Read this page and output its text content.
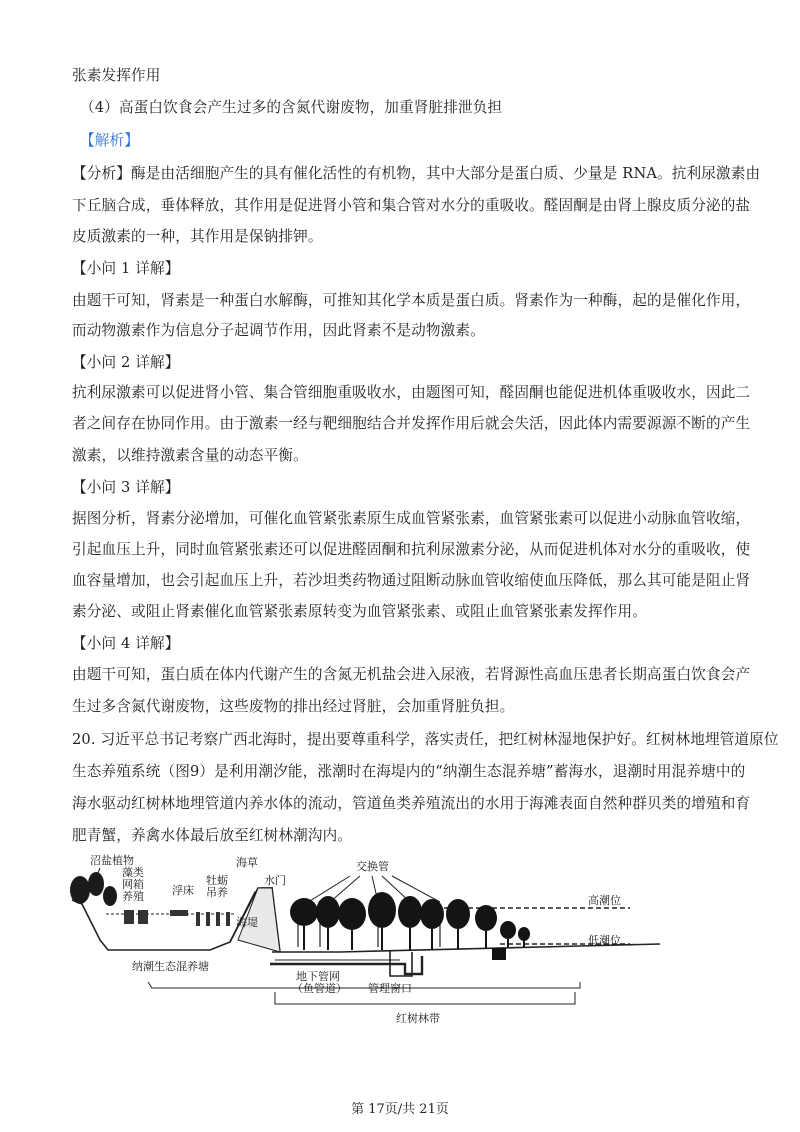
张素发挥作用
（4）高蛋白饮食会产生过多的含氮代谢废物，加重肾脏排泄负担
【解析】
【分析】酶是由活细胞产生的具有催化活性的有机物，其中大部分是蛋白质、少量是 RNA。抗利尿激素由
下丘脑合成，垂体释放，其作用是促进肾小管和集合管对水分的重吸收。醛固酮是由肾上腺皮质分泌的盐
皮质激素的一种，其作用是保钠排钾。
【小问 1 详解】
由题干可知，肾素是一种蛋白水解酶，可推知其化学本质是蛋白质。肾素作为一种酶，起的是催化作用，
而动物激素作为信息分子起调节作用，因此肾素不是动物激素。
【小问 2 详解】
抗利尿激素可以促进肾小管、集合管细胞重吸收水，由题图可知，醛固酮也能促进机体重吸收水，因此二
者之间存在协同作用。由于激素一经与靶细胞结合并发挥作用后就会失活，因此体内需要源源不断的产生
激素，以维持激素含量的动态平衡。
【小问 3 详解】
据图分析，肾素分泌增加，可催化血管紧张素原生成血管紧张素，血管紧张素可以促进小动脉血管收缩，
引起血压上升，同时血管紧张素还可以促进醛固酮和抗利尿激素分泌，从而促进机体对水分的重吸收，使
血容量增加，也会引起血压上升，若沙坦类药物通过阻断动脉血管收缩使血压降低，那么其可能是阻止肾
素分泌、或阻止肾素催化血管紧张素原转变为血管紧张素、或阻止血管紧张素发挥作用。
【小问 4 详解】
由题干可知，蛋白质在体内代谢产生的含氮无机盐会进入尿液，若肾源性高血压患者长期高蛋白饮食会产
生过多含氮代谢废物，这些废物的排出经过肾脏，会加重肾脏负担。
20. 习近平总书记考察广西北海时，提出要尊重科学，落实责任，把红树林湿地保护好。红树林地埋管道原位
生态养殖系统（图9）是利用潮汐能，涨潮时在海堤内的“纳潮生态混养塘”蓄海水，退潮时用混养塘中的
海水驱动红树林地埋管道内养水体的流动，管道鱼类养殖流出的水用于海滩表面自然种群贝类的增殖和育
肥青蟹，养禽水体最后放至红树林潮沟内。
沼盐植物
藻类
网箱
养殖	浮床
牡蛎
吊养
海草
海堤
水门
交换管
高潮位
低潮位
纳潮生态混养塘
地下管网
（鱼管道） 管理窗口
红树林带
第 17页/共 21页
